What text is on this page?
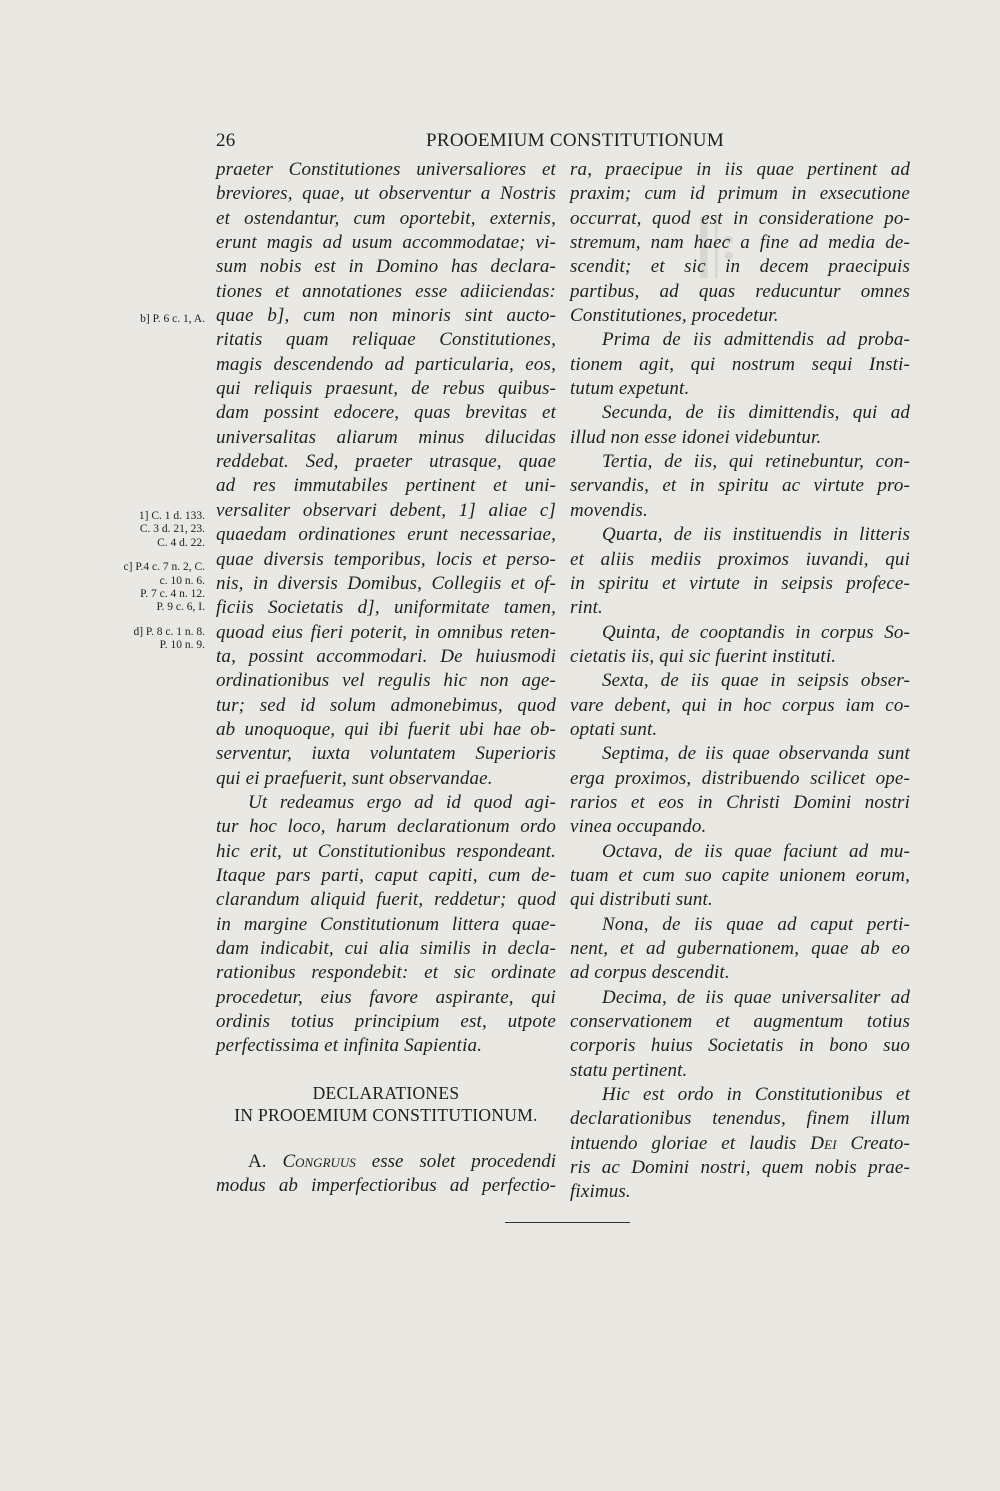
𝄆
26	PROOEMIUM CONSTITUTIONUM
b] P. 6 c. 1, A.
1] C. 1 d. 133.
C. 3 d. 21, 23.
C. 4 d. 22.
c] P.4 c. 7 n. 2, C.
c. 10 n. 6.
P. 7 c. 4 n. 12.
P. 9 c. 6, I.
d] P. 8 c. 1 n. 8.
P. 10 n. 9.
praeter Constitutiones universaliores et
breviores, quae, ut observentur a Nostris
et ostendantur, cum oportebit, externis,
erunt magis ad usum accommodatae; vi-
sum nobis est in Domino has declara-
tiones et annotationes esse adiiciendas:
quae b], cum non minoris sint aucto-
ritatis quam reliquae Constitutiones,
magis descendendo ad particularia, eos,
qui reliquis praesunt, de rebus quibus-
dam possint edocere, quas brevitas et
universalitas aliarum minus dilucidas
reddebat. Sed, praeter utrasque, quae
ad res immutabiles pertinent et uni-
versaliter observari debent, 1] aliae c]
quaedam ordinationes erunt necessariae,
quae diversis temporibus, locis et perso-
nis, in diversis Domibus, Collegiis et of-
ficiis Societatis d], uniformitate tamen,
quoad eius fieri poterit, in omnibus reten-
ta, possint accommodari. De huiusmodi
ordinationibus vel regulis hic non age-
tur; sed id solum admonebimus, quod
ab unoquoque, qui ibi fuerit ubi hae ob-
serventur, iuxta voluntatem Superioris
qui ei praefuerit, sunt observandae.
Ut redeamus ergo ad id quod agi-
tur hoc loco, harum declarationum ordo
hic erit, ut Constitutionibus respondeant.
Itaque pars parti, caput capiti, cum de-
clarandum aliquid fuerit, reddetur; quod
in margine Constitutionum littera quae-
dam indicabit, cui alia similis in decla-
rationibus respondebit: et sic ordinate
procedetur, eius favore aspirante, qui
ordinis totius principium est, utpote
perfectissima et infinita Sapientia.
DECLARATIONES
IN PROOEMIUM CONSTITUTIONUM.
A. Congruus esse solet procedendi
modus ab imperfectioribus ad perfectio-
ra, praecipue in iis quae pertinent ad
praxim; cum id primum in exsecutione
occurrat, quod est in consideratione po-
stremum, nam haec a fine ad media de-
scendit; et sic in decem praecipuis
partibus, ad quas reducuntur omnes
Constitutiones, procedetur.
Prima de iis admittendis ad proba-
tionem agit, qui nostrum sequi Insti-
tutum expetunt.
Secunda, de iis dimittendis, qui ad
illud non esse idonei videbuntur.
Tertia, de iis, qui retinebuntur, con-
servandis, et in spiritu ac virtute pro-
movendis.
Quarta, de iis instituendis in litteris
et aliis mediis proximos iuvandi, qui
in spiritu et virtute in seipsis profece-
rint.
Quinta, de cooptandis in corpus So-
cietatis iis, qui sic fuerint instituti.
Sexta, de iis quae in seipsis obser-
vare debent, qui in hoc corpus iam co-
optati sunt.
Septima, de iis quae observanda sunt
erga proximos, distribuendo scilicet ope-
rarios et eos in Christi Domini nostri
vinea occupando.
Octava, de iis quae faciunt ad mu-
tuam et cum suo capite unionem eorum,
qui distributi sunt.
Nona, de iis quae ad caput perti-
nent, et ad gubernationem, quae ab eo
ad corpus descendit.
Decima, de iis quae universaliter ad
conservationem et augmentum totius
corporis huius Societatis in bono suo
statu pertinent.
Hic est ordo in Constitutionibus et
declarationibus tenendus, finem illum
intuendo gloriae et laudis Dei Creato-
ris ac Domini nostri, quem nobis prae-
fiximus.
